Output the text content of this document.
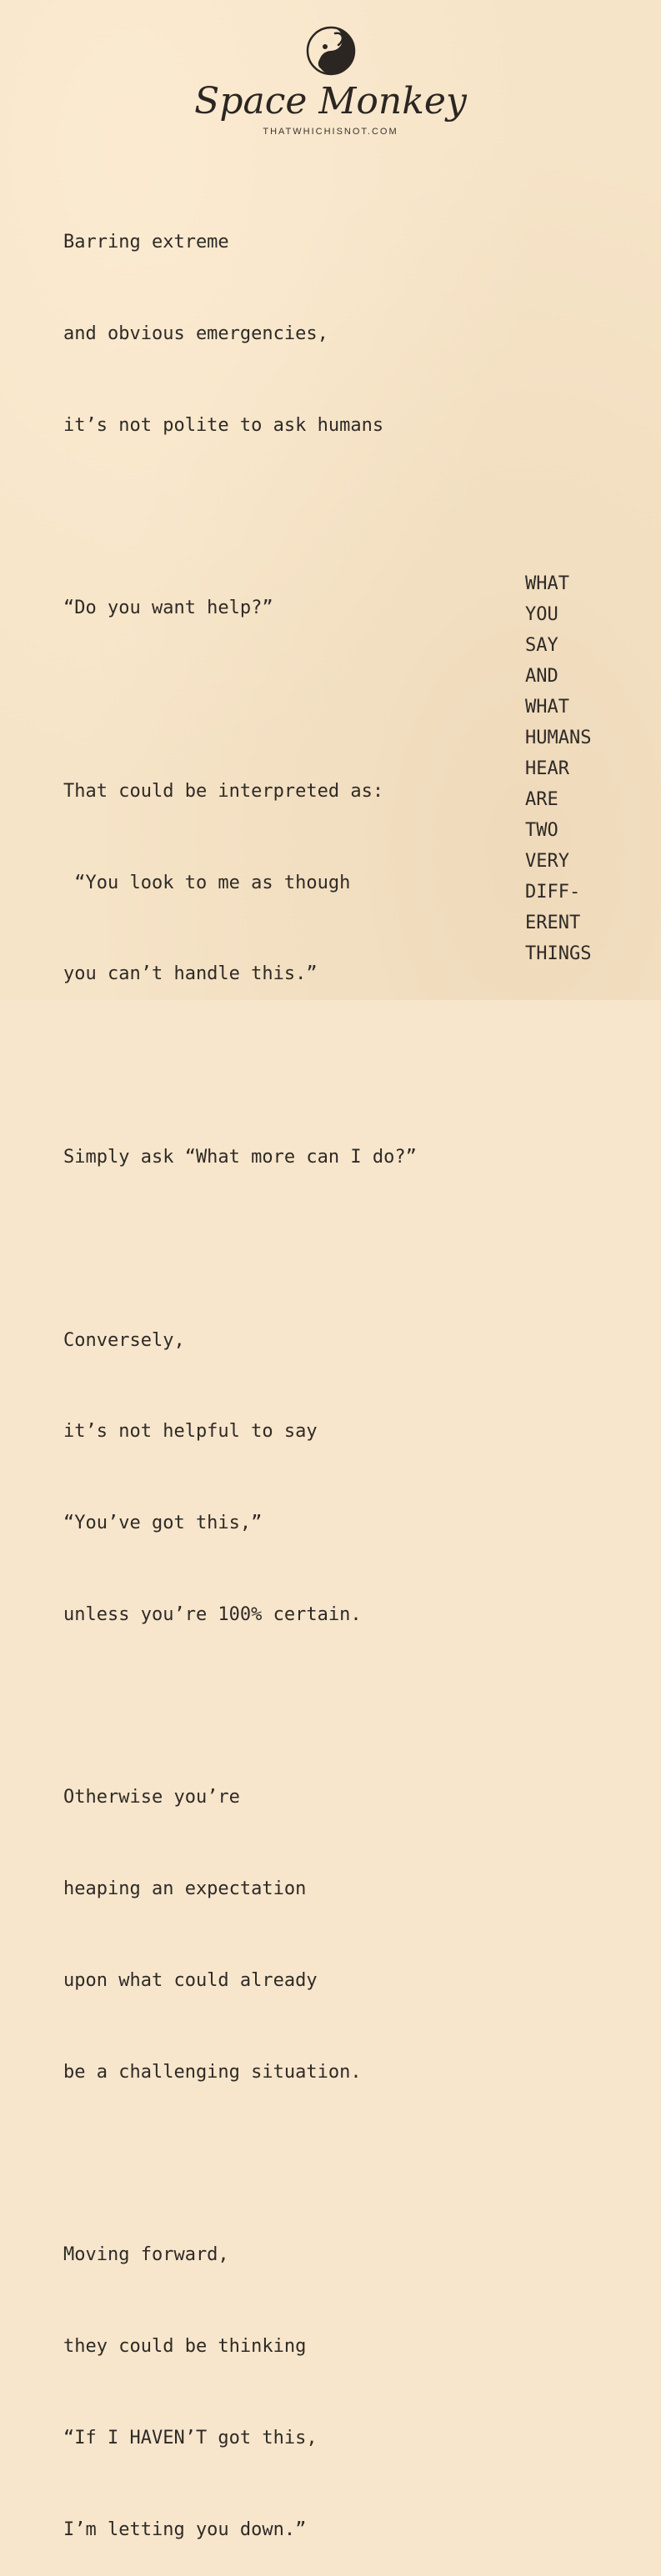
Space Monkey
THATWHICHISNOT.COM

Barring extreme

and obvious emergencies,

it’s not polite to ask humans

“Do you want help?”

That could be interpreted as:

“You look to me as though

you can’t handle this.”

Simply ask “What more can I do?”

Conversely,

it’s not helpful to say

“You’ve got this,”

unless you’re 100% certain.

Otherwise you’re

heaping an expectation

upon what could already

be a challenging situation.

Moving forward,

they could be thinking

“If I HAVEN’T got this,

I’m letting you down.”

WHAT
YOU
SAY
AND
WHAT
HUMANS
HEAR
ARE
TWO
VERY
DIFF-
ERENT
THINGS
